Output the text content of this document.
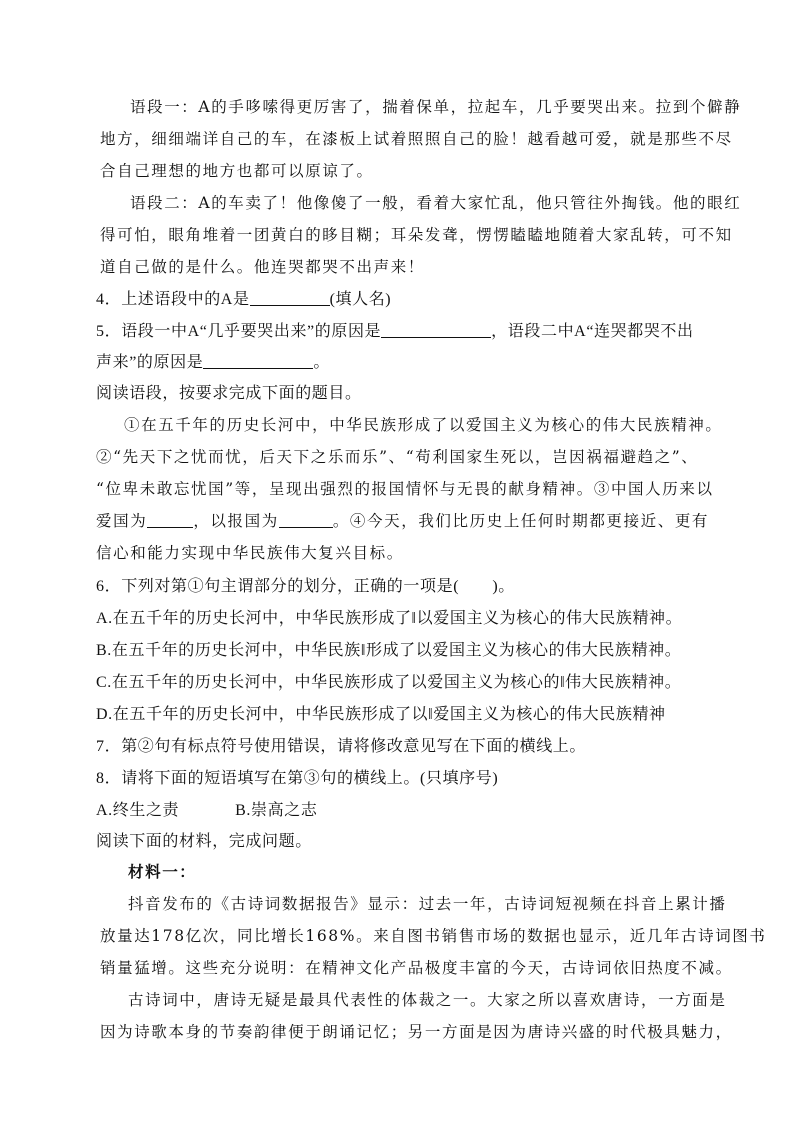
语段一：A的手哆嗦得更厉害了，揣着保单，拉起车，几乎要哭出来。拉到个僻静
地方，细细端详自己的车，在漆板上试着照照自己的脸！越看越可爱，就是那些不尽
合自己理想的地方也都可以原谅了。
语段二：A的车卖了！他像傻了一般，看着大家忙乱，他只管往外掏钱。他的眼红
得可怕，眼角堆着一团黄白的眵目糊；耳朵发聋，愣愣瞌瞌地随着大家乱转，可不知
道自己做的是什么。他连哭都哭不出声来！
4．上述语段中的A是	(填人名)
5．语段一中A“几乎要哭出来”的原因是	，语段二中A“连哭都哭不出
声来”的原因是	。
阅读语段，按要求完成下面的题目。
①在五千年的历史长河中，中华民族形成了以爱国主义为核心的伟大民族精神。
②“先天下之忧而忧，后天下之乐而乐”、“苟利国家生死以，岂因祸福避趋之”、
“位卑未敢忘忧国”等，呈现出强烈的报国情怀与无畏的献身精神。③中国人历来以
爱国为	，以报国为	。④今天，我们比历史上任何时期都更接近、更有
信心和能力实现中华民族伟大复兴目标。
6．下列对第①句主谓部分的划分，正确的一项是(　　)。
A.在五千年的历史长河中，中华民族形成了‖以爱国主义为核心的伟大民族精神。
B.在五千年的历史长河中，中华民族‖形成了以爱国主义为核心的伟大民族精神。
C.在五千年的历史长河中，中华民族形成了以爱国主义为核心的‖伟大民族精神。
D.在五千年的历史长河中，中华民族形成了以‖爱国主义为核心的伟大民族精神
7．第②句有标点符号使用错误，请将修改意见写在下面的横线上。
8．请将下面的短语填写在第③句的横线上。(只填序号)
A.终生之责	B.崇高之志
阅读下面的材料，完成问题。
材料一：
抖音发布的《古诗词数据报告》显示：过去一年，古诗词短视频在抖音上累计播
放量达178亿次，同比增长168%。来自图书销售市场的数据也显示，近几年古诗词图书
销量猛增。这些充分说明：在精神文化产品极度丰富的今天，古诗词依旧热度不减。
古诗词中，唐诗无疑是最具代表性的体裁之一。大家之所以喜欢唐诗，一方面是
因为诗歌本身的节奏韵律便于朗诵记忆；另一方面是因为唐诗兴盛的时代极具魅力，
